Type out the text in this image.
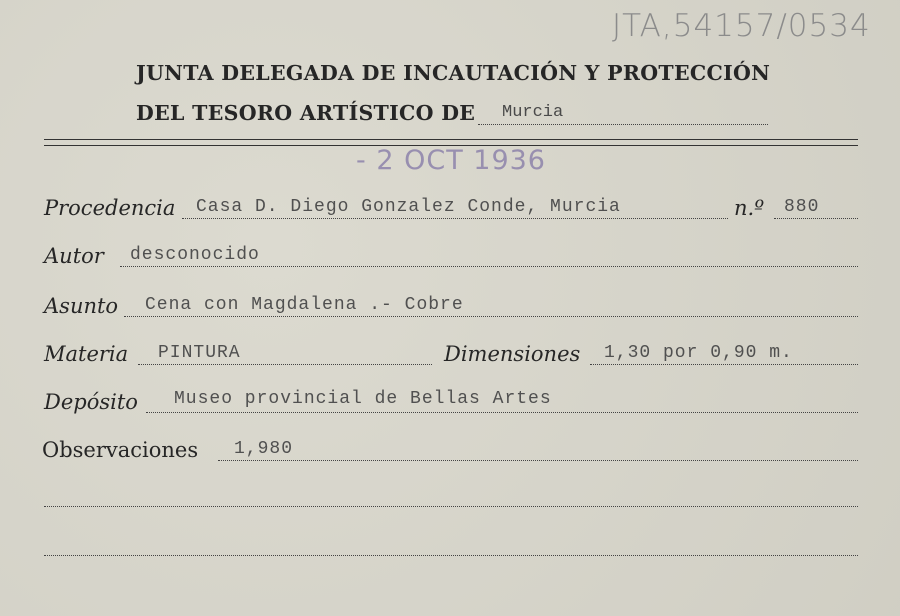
JTA,54157/0534
JUNTA DELEGADA DE INCAUTACIÓN Y PROTECCIÓN
DEL TESORO ARTÍSTICO DE Murcia
- 2 OCT 1936
Procedencia Casa D. Diego Gonzalez Conde, Murcia	n.º 880
Autor desconocido
Asunto Cena con Magdalena .- Cobre
Materia PINTURA	Dimensiones 1,30 por 0,90 m.
Depósito Museo provincial de Bellas Artes
Observaciones 1,980
